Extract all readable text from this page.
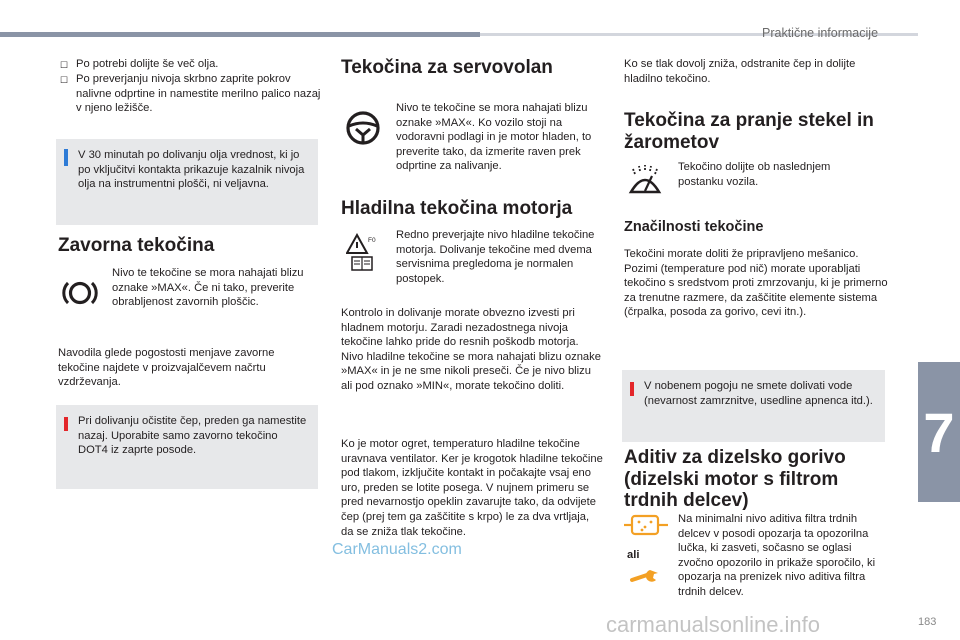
Praktične informacije
7
☐ Po potrebi dolijte še več olja.

☐ Po preverjanju nivoja skrbno zaprite pokrov nalivne odprtine in namestite merilno palico nazaj v njeno ležišče.

V 30 minutah po dolivanju olja vrednost, ki jo po vključitvi kontakta prikazuje kazalnik nivoja olja na instrumentni plošči, ni veljavna.

Zavorna tekočina

Nivo te tekočine se mora nahajati blizu oznake »MAX«. Če ni tako, preverite obrabljenost zavornih ploščic.

Navodila glede pogostosti menjave zavorne tekočine najdete v proizvajalčevem načrtu vzdrževanja.

Pri dolivanju očistite čep, preden ga namestite nazaj. Uporabite samo zavorno tekočino DOT4 iz zaprte posode.

Tekočina za servovolan

Nivo te tekočine se mora nahajati blizu oznake »MAX«. Ko vozilo stoji na vodoravni podlagi in je motor hladen, to preverite tako, da izmerite raven prek odprtine za nalivanje.

Hladilna tekočina motorja
F0 Redno preverjajte nivo hladilne tekočine motorja. Dolivanje tekočine med dvema servisnima pregledoma je normalen postopek.

Kontrolo in dolivanje morate obvezno izvesti pri hladnem motorju. Zaradi nezadostnega nivoja tekočine lahko pride do resnih poškodb motorja. Nivo hladilne tekočine se mora nahajati blizu oznake »MAX« in je ne sme nikoli preseči. Če je nivo blizu ali pod oznako »MIN«, morate tekočino doliti.

Ko je motor ogret, temperaturo hladilne tekočine uravnava ventilator. Ker je krogotok hladilne tekočine pod tlakom, izključite kontakt in počakajte vsaj eno uro, preden se lotite posega. V nujnem primeru se pred nevarnostjo opeklin zavarujte tako, da odvijete čep (prej tem ga zaščitite s krpo) le za dva vrtljaja, da se zniža tlak tekočine.

Ko se tlak dovolj zniža, odstranite čep in dolijte hladilno tekočino.

Tekočina za pranje stekel in žarometov

Tekočino dolijte ob naslednjem postanku vozila.

Značilnosti tekočine

Tekočini morate doliti že pripravljeno mešanico. Pozimi (temperature pod nič) morate uporabljati tekočino s sredstvom proti zmrzovanju, ki je primerno za trenutne razmere, da zaščitite elemente sistema (črpalka, posoda za gorivo, cevi itn.).

V nobenem pogoju ne smete dolivati vode (nevarnost zamrznitve, usedline apnenca itd.).

Aditiv za dizelsko gorivo (dizelski motor s filtrom trdnih delcev)
ali

Na minimalni nivo aditiva filtra trdnih delcev v posodi opozarja ta opozorilna lučka, ki zasveti, sočasno se oglasi zvočno opozorilo in prikaže sporočilo, ki opozarja na prenizek nivo aditiva filtra trdnih delcev.

CarManuals2.com
carmanualsonline.info	183
